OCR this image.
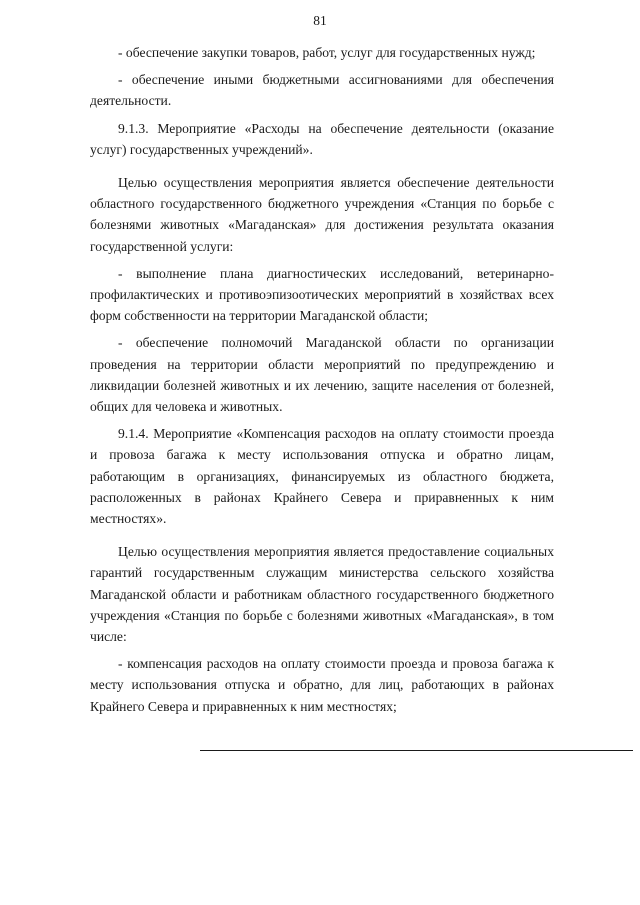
81

- обеспечение закупки товаров, работ, услуг для государственных нужд;

- обеспечение иными бюджетными ассигнованиями для обеспечения деятельности.

9.1.3. Мероприятие «Расходы на обеспечение деятельности (оказание услуг) государственных учреждений».

Целью осуществления мероприятия является обеспечение деятельности областного государственного бюджетного учреждения «Станция по борьбе с болезнями животных «Магаданская» для достижения результата оказания государственной услуги:

- выполнение плана диагностических исследований, ветеринарно-профилактических и противоэпизоотических мероприятий в хозяйствах всех форм собственности на территории Магаданской области;

- обеспечение полномочий Магаданской области по организации проведения на территории области мероприятий по предупреждению и ликвидации болезней животных и их лечению, защите населения от болезней, общих для человека и животных.

9.1.4. Мероприятие «Компенсация расходов на оплату стоимости проезда и провоза багажа к месту использования отпуска и обратно лицам, работающим в организациях, финансируемых из областного бюджета, расположенных в районах Крайнего Севера и приравненных к ним местностях».

Целью осуществления мероприятия является предоставление социальных гарантий государственным служащим министерства сельского хозяйства Магаданской области и работникам областного государственного бюджетного учреждения «Станция по борьбе с болезнями животных «Магаданская», в том числе:

- компенсация расходов на оплату стоимости проезда и провоза багажа к месту использования отпуска и обратно, для лиц, работающих в районах Крайнего Севера и приравненных к ним местностях;
